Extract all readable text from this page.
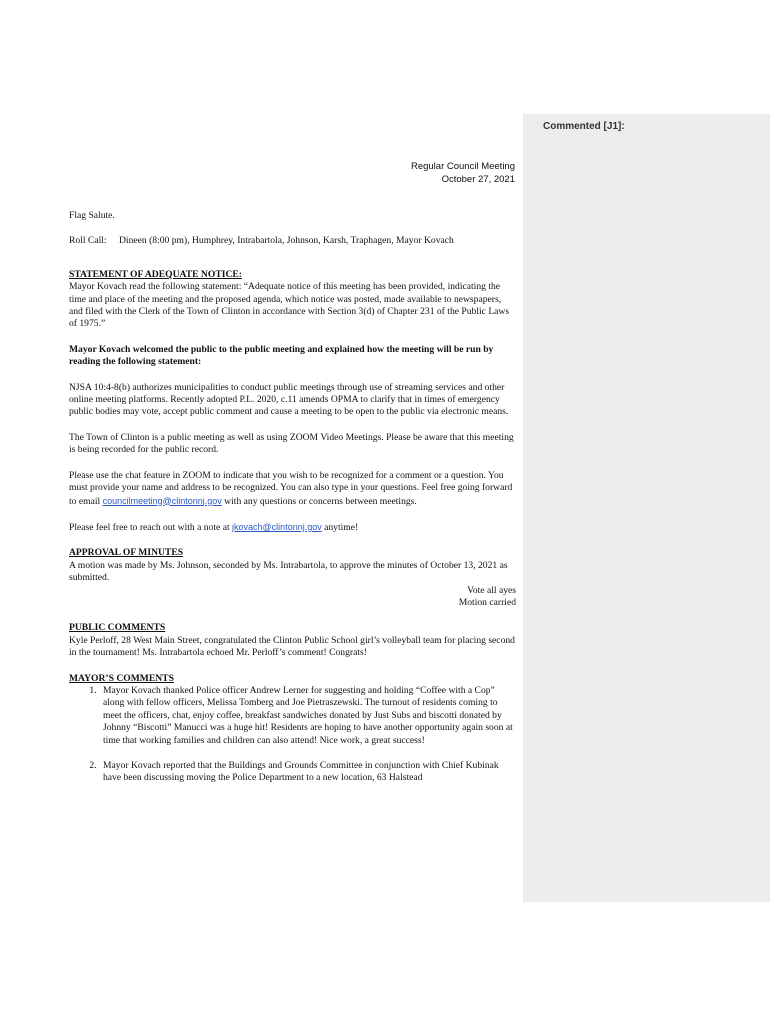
Commented [J1]:
Regular Council Meeting
October 27, 2021

Flag Salute.

Roll Call: Dineen (8:00 pm), Humphrey, Intrabartola, Johnson, Karsh, Traphagen, Mayor Kovach

STATEMENT OF ADEQUATE NOTICE:

Mayor Kovach read the following statement: “Adequate notice of this meeting has been provided, indicating the time and place of the meeting and the proposed agenda, which notice was posted, made available to newspapers, and filed with the Clerk of the Town of Clinton in accordance with Section 3(d) of Chapter 231 of the Public Laws of 1975.”

Mayor Kovach welcomed the public to the public meeting and explained how the meeting will be run by reading the following statement:

NJSA 10:4-8(b) authorizes municipalities to conduct public meetings through use of streaming services and other online meeting platforms. Recently adopted P.L. 2020, c.11 amends OPMA to clarify that in times of emergency public bodies may vote, accept public comment and cause a meeting to be open to the public via electronic means.

The Town of Clinton is a public meeting as well as using ZOOM Video Meetings. Please be aware that this meeting is being recorded for the public record.

Please use the chat feature in ZOOM to indicate that you wish to be recognized for a comment or a question. You must provide your name and address to be recognized. You can also type in your questions. Feel free going forward to email councilmeeting@clintonnj.gov with any questions or concerns between meetings.

Please feel free to reach out with a note at jkovach@clintonnj.gov anytime!

APPROVAL OF MINUTES

A motion was made by Ms. Johnson, seconded by Ms. Intrabartola, to approve the minutes of October 13, 2021 as submitted.

Vote all ayes

Motion carried

PUBLIC COMMENTS

Kyle Perloff, 28 West Main Street, congratulated the Clinton Public School girl’s volleyball team for placing second in the tournament! Ms. Intrabartola echoed Mr. Perloff’s comment! Congrats!

MAYOR’S COMMENTS

1. Mayor Kovach thanked Police officer Andrew Lerner for suggesting and holding “Coffee with a Cop” along with fellow officers, Melissa Tomberg and Joe Pietraszewski. The turnout of residents coming to meet the officers, chat, enjoy coffee, breakfast sandwiches donated by Just Subs and biscotti donated by Johnny “Biscotti” Manucci was a huge hit! Residents are hoping to have another opportunity again soon at time that working families and children can also attend! Nice work, a great success!
2. Mayor Kovach reported that the Buildings and Grounds Committee in conjunction with Chief Kubinak have been discussing moving the Police Department to a new location, 63 Halstead
